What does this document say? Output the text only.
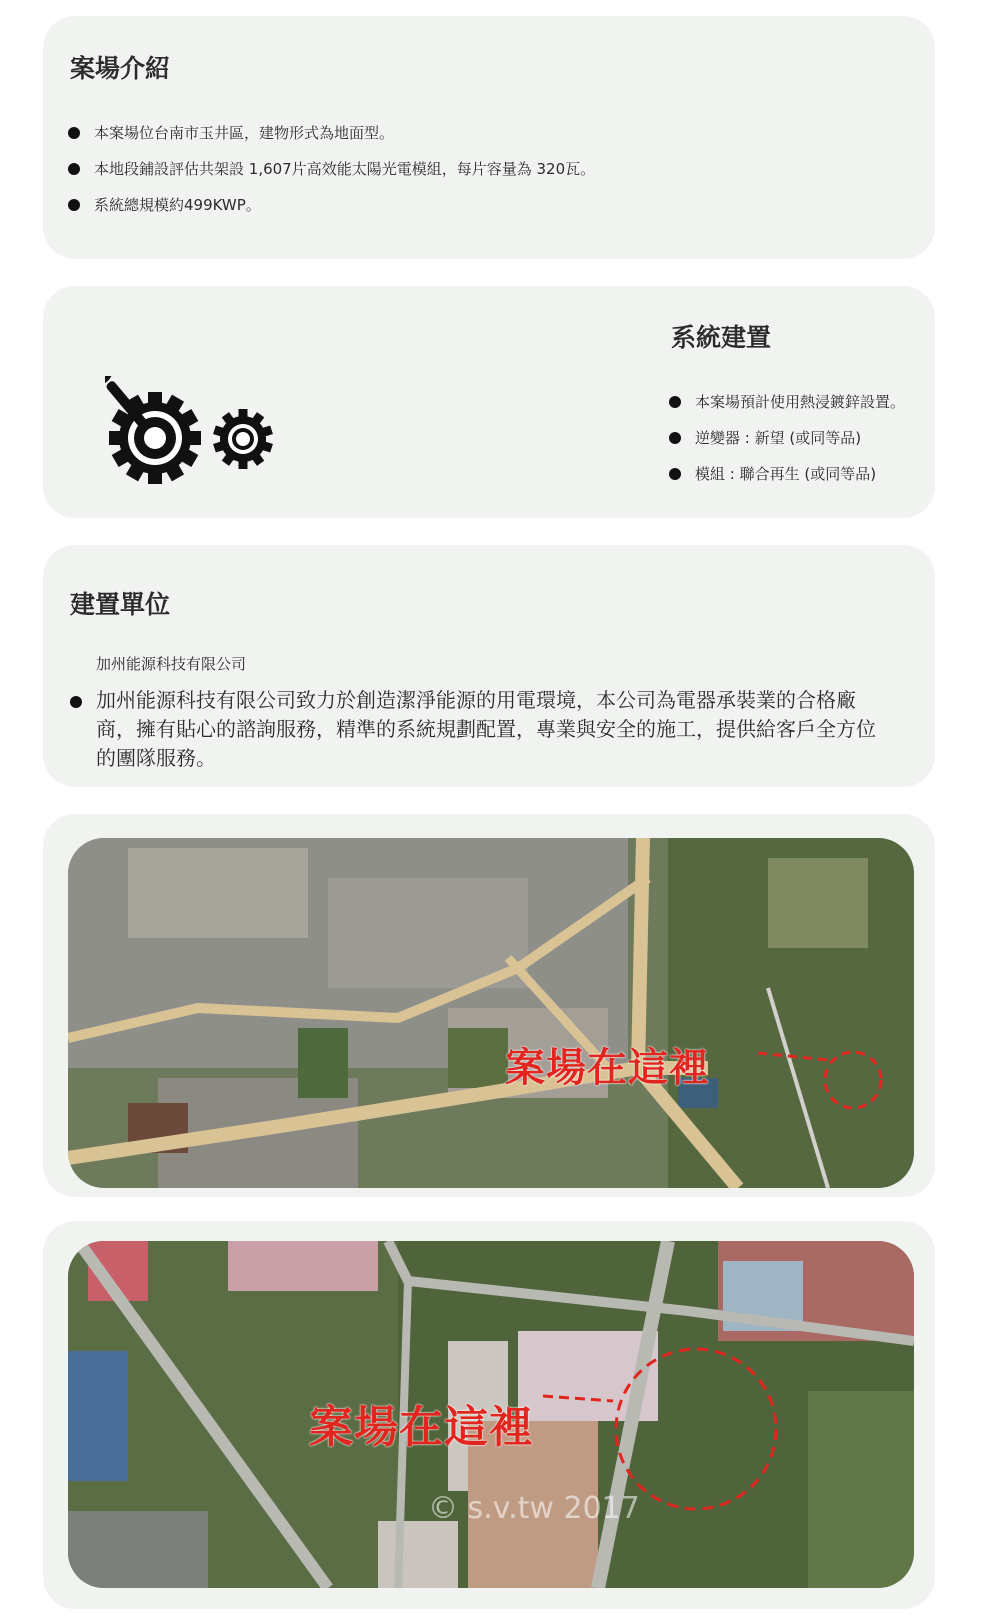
案場介紹
本案場位台南市玉井區，建物形式為地面型。
本地段鋪設評估共架設 1,607片高效能太陽光電模組，每片容量為 320瓦。
系統總規模約499KWP。
系統建置
本案場預計使用熱浸鍍鋅設置。
逆變器 : 新望 (或同等品)
模組 : 聯合再生 (或同等品)
建置單位
加州能源科技有限公司

加州能源科技有限公司致力於創造潔淨能源的用電環境，本公司為電器承裝業的合格廠商，擁有貼心的諮詢服務，精準的系統規劃配置，專業與安全的施工，提供給客戶全方位的團隊服務。

案場在這裡
案場在這裡
© s.v.tw 2017
